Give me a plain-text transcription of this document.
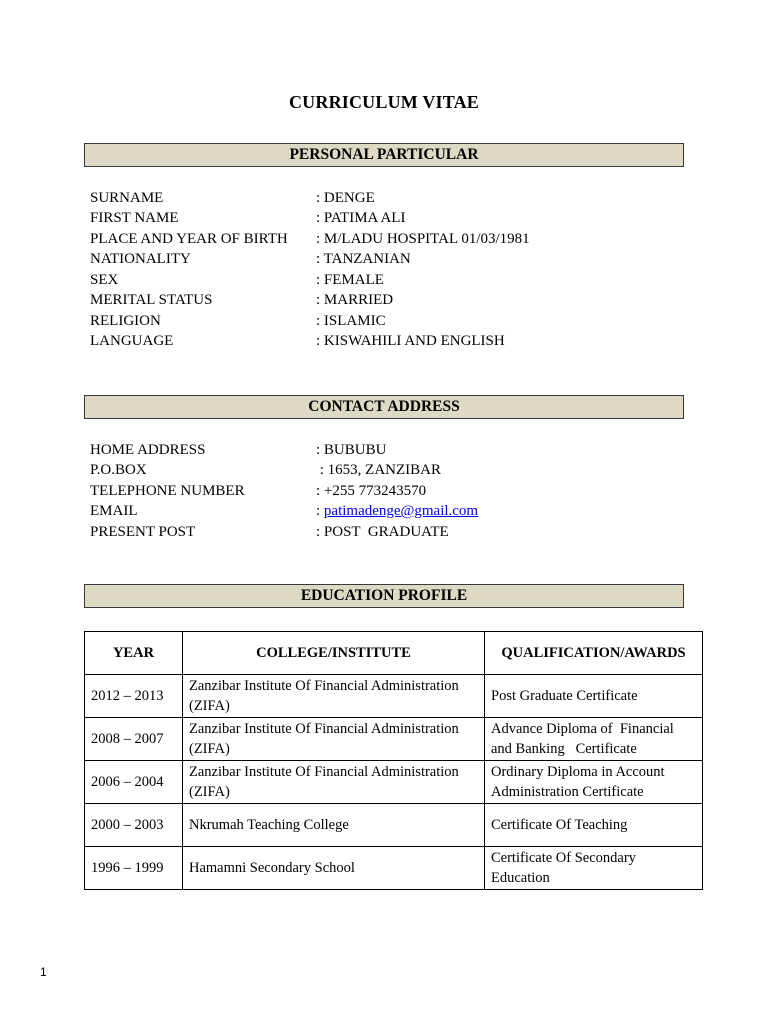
CURRICULUM VITAE
PERSONAL PARTICULAR
SURNAME	: DENGE
FIRST NAME	: PATIMA ALI
PLACE AND YEAR OF BIRTH : M/LADU HOSPITAL 01/03/1981
NATIONALITY	: TANZANIAN
SEX	: FEMALE
MERITAL STATUS	: MARRIED
RELIGION	: ISLAMIC
LANGUAGE	: KISWAHILI AND ENGLISH
CONTACT ADDRESS
HOME ADDRESS	: BUBUBU
P.O.BOX	: 1653, ZANZIBAR
TELEPHONE NUMBER	: +255 773243570
EMAIL	: patimadenge@gmail.com
PRESENT POST	: POST  GRADUATE
EDUCATION PROFILE
YEAR	COLLEGE/INSTITUTE	QUALIFICATION/AWARDS
2012 – 2013	Zanzibar Institute Of Financial Administration (ZIFA)	Post Graduate Certificate
2008 – 2007	Zanzibar Institute Of Financial Administration (ZIFA)	Advance Diploma of  Financial and Banking   Certificate
2006 – 2004	Zanzibar Institute Of Financial Administration (ZIFA)	Ordinary Diploma in Account Administration Certificate
2000 – 2003	Nkrumah Teaching College	Certificate Of Teaching
1996 – 1999	Hamamni Secondary School	Certificate Of Secondary Education
1
